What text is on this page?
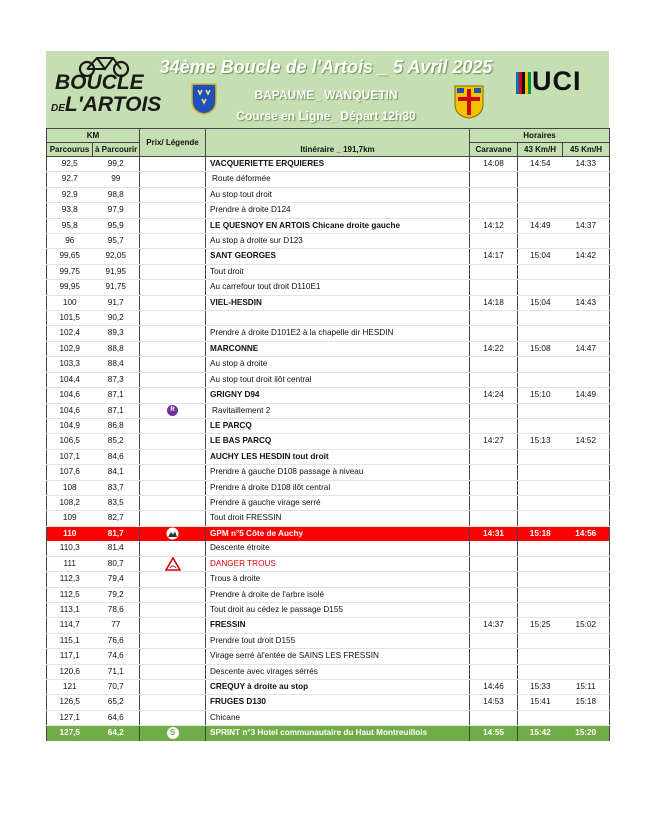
BOUCLE
DEL'ARTOIS
34ème Boucle de l'Artois _ 5 Avril 2025
BAPAUME_ WANQUETIN
Course en Ligne_ Départ 12h30
UCI
KM		Prix/ Légende	Itinéraire _ 191,7km	Horaires		
Parcourus	à Parcourir			Caravane	43 Km/H	45 Km/H
92,5	99,2		VACQUERIETTE ERQUIERES	14:08	14:54	14:33
92,7	99		Route déformée			
92,9	98,8		Au stop tout droit			
93,8	97,9		Prendre à droite D124			
95,8	95,9		LE QUESNOY EN ARTOIS Chicane droite gauche	14:12	14:49	14:37
96	95,7		Au stop à droite sur D123			
99,65	92,05		SANT GEORGES	14:17	15:04	14:42
99,75	91,95		Tout droit			
99,95	91,75		Au carrefour tout droit D110E1			
100	91,7		VIEL-HESDIN	14:18	15:04	14:43
101,5	90,2					
102,4	89,3		Prendre à droite D101E2 à la chapelle dir HESDIN			
102,9	88,8		MARCONNE	14:22	15:08	14:47
103,3	88,4		Au stop à droite			
104,4	87,3		Au stop tout droit ilôt central			
104,6	87,1		GRIGNY D94	14:24	15:10	14:49
104,6	87,1	R	Ravitaillement 2			
104,9	86,8		LE PARCQ			
106,5	85,2		LE BAS PARCQ	14:27	15:13	14:52
107,1	84,6		AUCHY LES HESDIN tout droit			
107,6	84,1		Prendre à gauche D108 passage à niveau			
108	83,7		Prendre à droite D108 ilôt central			
108,2	83,5		Prendre à gauche virage serré			
109	82,7		Tout droit FRESSIN			
110	81,7		GPM n°5 Côte de Auchy	14:31	15:18	14:56
110,3	81,4		Descente étroite			
111	80,7		DANGER TROUS			
112,3	79,4		Trous à droite			
112,5	79,2		Prendre à droite de l'arbre isolé			
113,1	78,6		Tout droit au cédez le passage D155			
114,7	77		FRESSIN	14:37	15:25	15:02
115,1	76,6		Prendre tout droit D155			
117,1	74,6		Virage serré àl'entée de SAINS LES FRESSIN			
120,6	71,1		Descente avec virages sérrés			
121	70,7		CREQUY à droite au stop	14:46	15:33	15:11
126,5	65,2		FRUGES D130	14:53	15:41	15:18
127,1	64,6		Chicane			
127,5	64,2	S	SPRINT n°3 Hotel communautaire du Haut Montreuillois	14:55	15:42	15:20
